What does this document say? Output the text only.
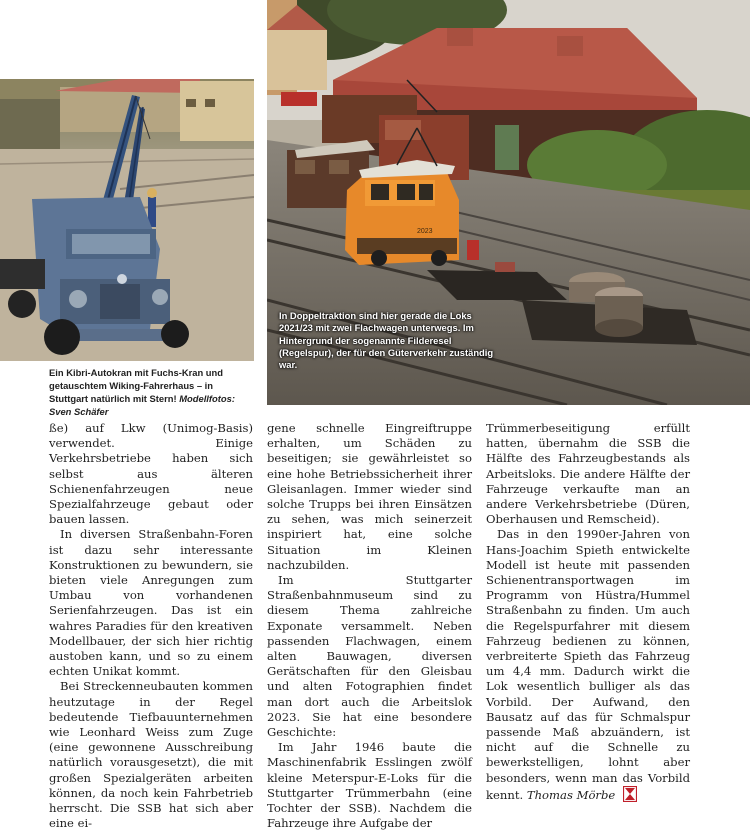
Ein Kibri-Autokran mit Fuchs-Kran und getauschtem Wiking-Fahrerhaus – in Stuttgart natürlich mit Stern! Modellfotos: Sven Schäfer
2023
In Doppeltraktion sind hier gerade die Loks 2021/23 mit zwei Flachwagen unterwegs. Im Hintergrund der sogenannte Filderesel (Regelspur), der für den Güterverkehr zuständig war.

ße) auf Lkw (Unimog-Basis) verwendet. Einige Verkehrsbetriebe haben sich selbst aus älteren Schienenfahrzeugen neue Spezialfahrzeuge gebaut oder bauen lassen.

In diversen Straßenbahn-Foren ist dazu sehr interessante Konstruktionen zu bewundern, sie bieten viele Anregungen zum Umbau von vorhandenen Serienfahrzeugen. Das ist ein wahres Paradies für den kreativen Modellbauer, der sich hier richtig austoben kann, und so zu einem echten Unikat kommt.

Bei Streckenneubauten kommen heutzutage in der Regel bedeutende Tiefbauunternehmen wie Leonhard Weiss zum Zuge (eine gewonnene Ausschreibung natürlich vorausgesetzt), die mit großen Spezialgeräten arbeiten können, da noch kein Fahrbetrieb herrscht. Die SSB hat sich aber eine ei-

gene schnelle Eingreiftruppe erhalten, um Schäden zu beseitigen; sie gewährleistet so eine hohe Betriebssicherheit ihrer Gleisanlagen. Immer wieder sind solche Trupps bei ihren Einsätzen zu sehen, was mich seinerzeit inspiriert hat, eine solche Situation im Kleinen nachzubilden.

Im Stuttgarter Straßenbahnmuseum sind zu diesem Thema zahlreiche Exponate versammelt. Neben passenden Flachwagen, einem alten Bauwagen, diversen Gerätschaften für den Gleisbau und alten Fotographien findet man dort auch die Arbeitslok 2023. Sie hat eine besondere Geschichte:

Im Jahr 1946 baute die Maschinenfabrik Esslingen zwölf kleine Meterspur-E-Loks für die Stuttgarter Trümmerbahn (eine Tochter der SSB). Nachdem die Fahrzeuge ihre Aufgabe der

Trümmerbeseitigung erfüllt hatten, übernahm die SSB die Hälfte des Fahrzeugbestands als Arbeitsloks. Die andere Hälfte der Fahrzeuge verkaufte man an andere Verkehrsbetriebe (Düren, Oberhausen und Remscheid).

Das in den 1990er-Jahren von Hans-Joachim Spieth entwickelte Modell ist heute mit passenden Schienentransportwagen im Programm von Hüstra/Hummel Straßenbahn zu finden. Um auch die Regelspurfahrer mit diesem Fahrzeug bedienen zu können, verbreiterte Spieth das Fahrzeug um 4,4 mm. Dadurch wirkt die Lok wesentlich bulliger als das Vorbild. Der Aufwand, den Bausatz auf das für Schmalspur passende Maß abzuändern, ist nicht auf die Schnelle zu bewerkstelligen, lohnt aber besonders, wenn man das Vorbild kennt. Thomas Mörbe
